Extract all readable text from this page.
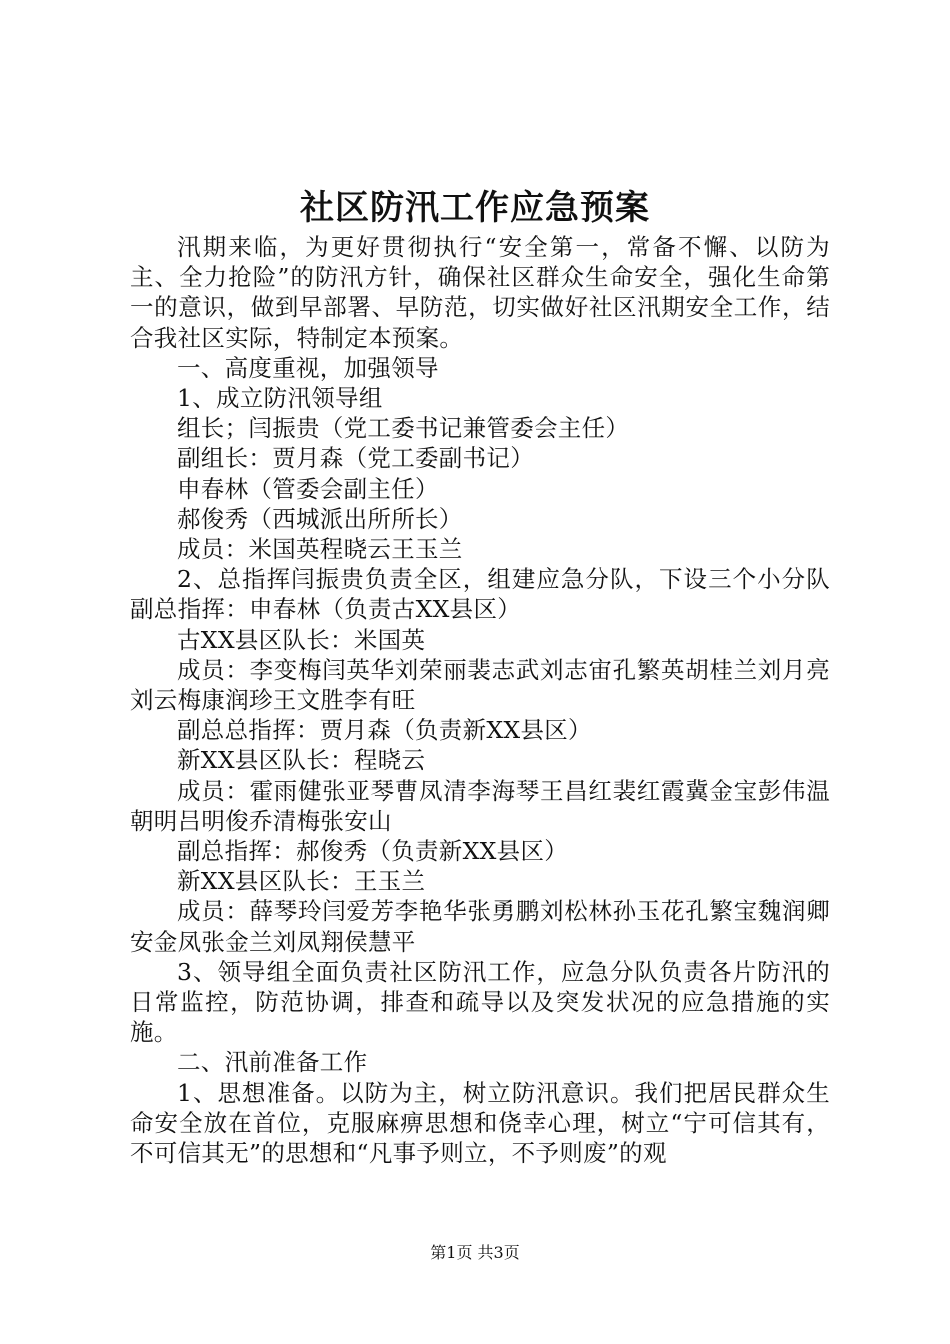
社区防汛工作应急预案

汛期来临，为更好贯彻执行“安全第一，常备不懈、以防为主、全力抢险”的防汛方针，确保社区群众生命安全，强化生命第一的意识，做到早部署、早防范，切实做好社区汛期安全工作，结合我社区实际，特制定本预案。

一、高度重视，加强领导

1、成立防汛领导组

组长；闫振贵（党工委书记兼管委会主任）

副组长：贾月森（党工委副书记）

申春林（管委会副主任）

郝俊秀（西城派出所所长）

成员：米国英程晓云王玉兰

2、总指挥闫振贵负责全区，组建应急分队，下设三个小分队副总指挥：申春林（负责古XX县区）

古XX县区队长：米国英

成员：李变梅闫英华刘荣丽裴志武刘志宙孔繁英胡桂兰刘月亮刘云梅康润珍王文胜李有旺

副总总指挥：贾月森（负责新XX县区）

新XX县区队长：程晓云

成员：霍雨健张亚琴曹凤清李海琴王昌红裴红霞冀金宝彭伟温朝明吕明俊乔清梅张安山

副总指挥：郝俊秀（负责新XX县区）

新XX县区队长：王玉兰

成员：薛琴玲闫爱芳李艳华张勇鹏刘松林孙玉花孔繁宝魏润卿安金凤张金兰刘凤翔侯慧平

3、领导组全面负责社区防汛工作，应急分队负责各片防汛的日常监控，防范协调，排查和疏导以及突发状况的应急措施的实施。

二、汛前准备工作

1、思想准备。以防为主，树立防汛意识。我们把居民群众生命安全放在首位，克服麻痹思想和侥幸心理，树立“宁可信其有，不可信其无”的思想和“凡事予则立，不予则废”的观

第1页 共3页
